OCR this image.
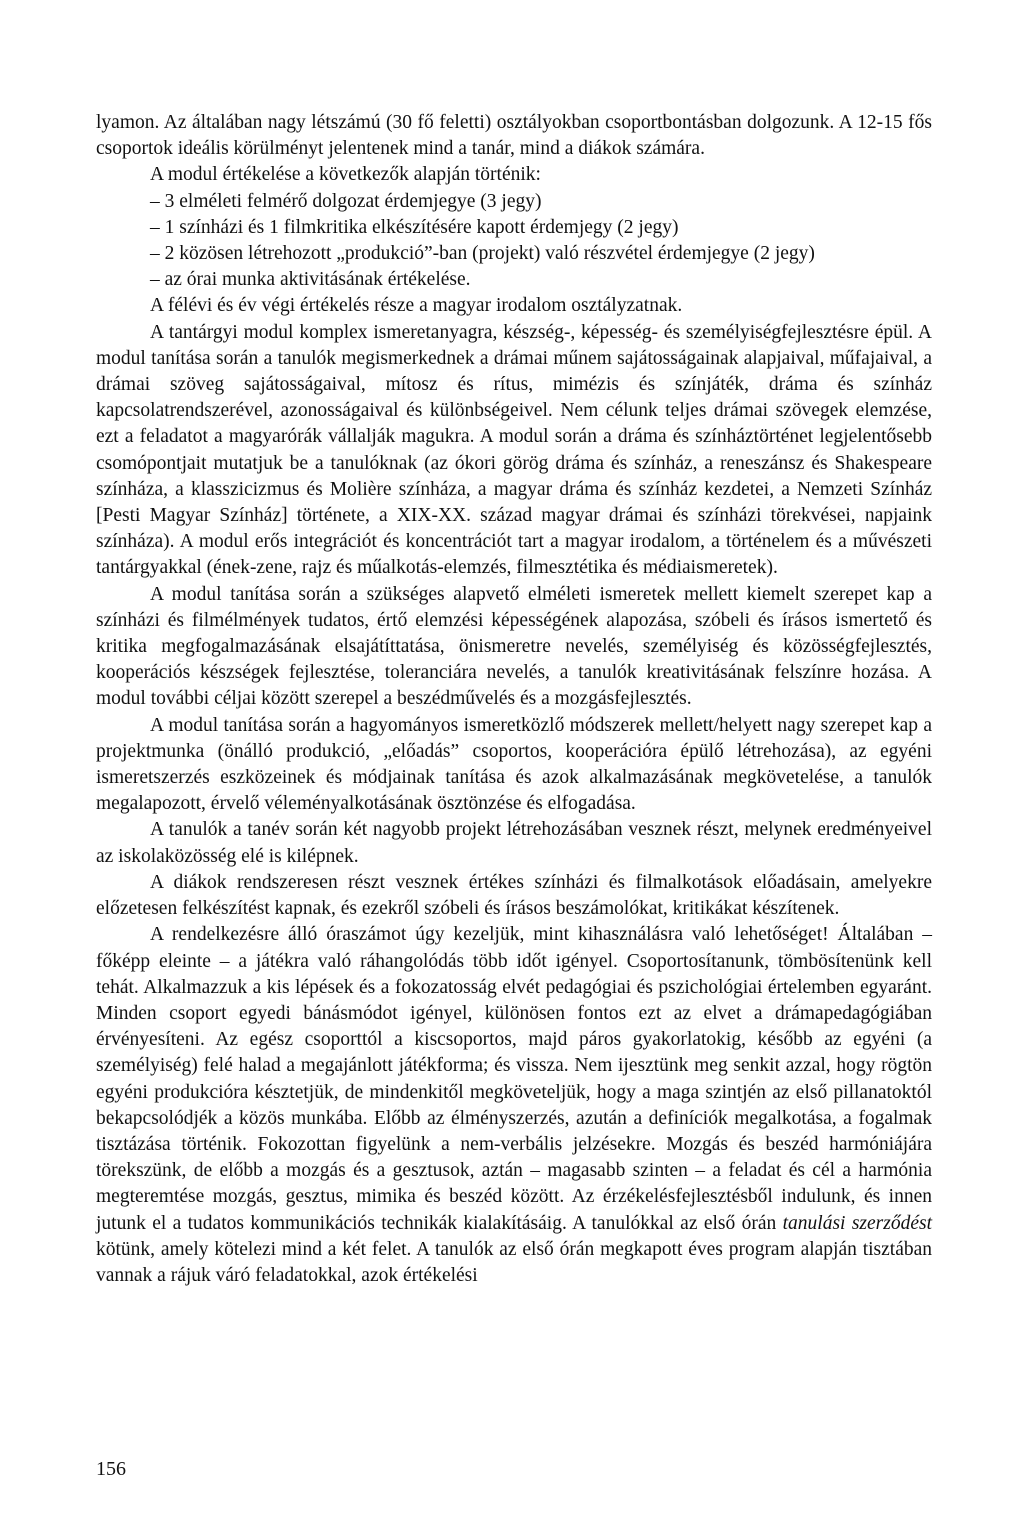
lyamon. Az általában nagy létszámú (30 fő feletti) osztályokban csoportbontásban dolgozunk. A 12-15 fős csoportok ideális körülményt jelentenek mind a tanár, mind a diákok számára.

A modul értékelése a következők alapján történik:

– 3 elméleti felmérő dolgozat érdemjegye (3 jegy)
– 1 színházi és 1 filmkritika elkészítésére kapott érdemjegy (2 jegy)
– 2 közösen létrehozott „produkció”-ban (projekt) való részvétel érdemjegye (2 jegy)
– az órai munka aktivitásának értékelése.

A félévi és év végi értékelés része a magyar irodalom osztályzatnak.

A tantárgyi modul komplex ismeretanyagra, készség-, képesség- és személyiségfejlesztésre épül. A modul tanítása során a tanulók megismerkednek a drámai műnem sajátosságainak alapjaival, műfajaival, a drámai szöveg sajátosságaival, mítosz és rítus, mimézis és színjáték, dráma és színház kapcsolatrendszerével, azonosságaival és különbségeivel. Nem célunk teljes drámai szövegek elemzése, ezt a feladatot a magyarórák vállalják magukra. A modul során a dráma és színháztörténet legjelentősebb csomópontjait mutatjuk be a tanulóknak (az ókori görög dráma és színház, a reneszánsz és Shakespeare színháza, a klasszicizmus és Molière színháza, a magyar dráma és színház kezdetei, a Nemzeti Színház [Pesti Magyar Színház] története, a XIX-XX. század magyar drámai és színházi törekvései, napjaink színháza). A modul erős integrációt és koncentrációt tart a magyar irodalom, a történelem és a művészeti tantárgyakkal (ének-zene, rajz és műalkotás-elemzés, filmesztétika és médiaismeretek).

A modul tanítása során a szükséges alapvető elméleti ismeretek mellett kiemelt szerepet kap a színházi és filmélmények tudatos, értő elemzési képességének alapozása, szóbeli és írásos ismertető és kritika megfogalmazásának elsajátíttatása, önismeretre nevelés, személyiség és közösségfejlesztés, kooperációs készségek fejlesztése, toleranciára nevelés, a tanulók kreativitásának felszínre hozása. A modul további céljai között szerepel a beszédművelés és a mozgásfejlesztés.

A modul tanítása során a hagyományos ismeretközlő módszerek mellett/helyett nagy szerepet kap a projektmunka (önálló produkció, „előadás” csoportos, kooperációra épülő létrehozása), az egyéni ismeretszerzés eszközeinek és módjainak tanítása és azok alkalmazásának megkövetelése, a tanulók megalapozott, érvelő véleményalkotásának ösztönzése és elfogadása.

A tanulók a tanév során két nagyobb projekt létrehozásában vesznek részt, melynek eredményeivel az iskolaközösség elé is kilépnek.

A diákok rendszeresen részt vesznek értékes színházi és filmalkotások előadásain, amelyekre előzetesen felkészítést kapnak, és ezekről szóbeli és írásos beszámolókat, kritikákat készítenek.

A rendelkezésre álló óraszámot úgy kezeljük, mint kihasználásra való lehetőséget! Általában – főképp eleinte – a játékra való ráhangolódás több időt igényel. Csoportosítanunk, tömbösítenünk kell tehát. Alkalmazzuk a kis lépések és a fokozatosság elvét pedagógiai és pszichológiai értelemben egyaránt. Minden csoport egyedi bánásmódot igényel, különösen fontos ezt az elvet a drámapedagógiában érvényesíteni. Az egész csoporttól a kiscsoportos, majd páros gyakorlatokig, később az egyéni (a személyiség) felé halad a megajánlott játékforma; és vissza. Nem ijesztünk meg senkit azzal, hogy rögtön egyéni produkcióra késztetjük, de mindenkitől megköveteljük, hogy a maga szintjén az első pillanatoktól bekapcsolódjék a közös munkába. Előbb az élményszerzés, azután a definíciók megalkotása, a fogalmak tisztázása történik. Fokozottan figyelünk a nem-verbális jelzésekre. Mozgás és beszéd harmóniájára törekszünk, de előbb a mozgás és a gesztusok, aztán – magasabb szinten – a feladat és cél a harmónia megteremtése mozgás, gesztus, mimika és beszéd között. Az érzékelésfejlesztésből indulunk, és innen jutunk el a tudatos kommunikációs technikák kialakításáig. A tanulókkal az első órán tanulási szerződést kötünk, amely kötelezi mind a két felet. A tanulók az első órán megkapott éves program alapján tisztában vannak a rájuk váró feladatokkal, azok értékelési

156
